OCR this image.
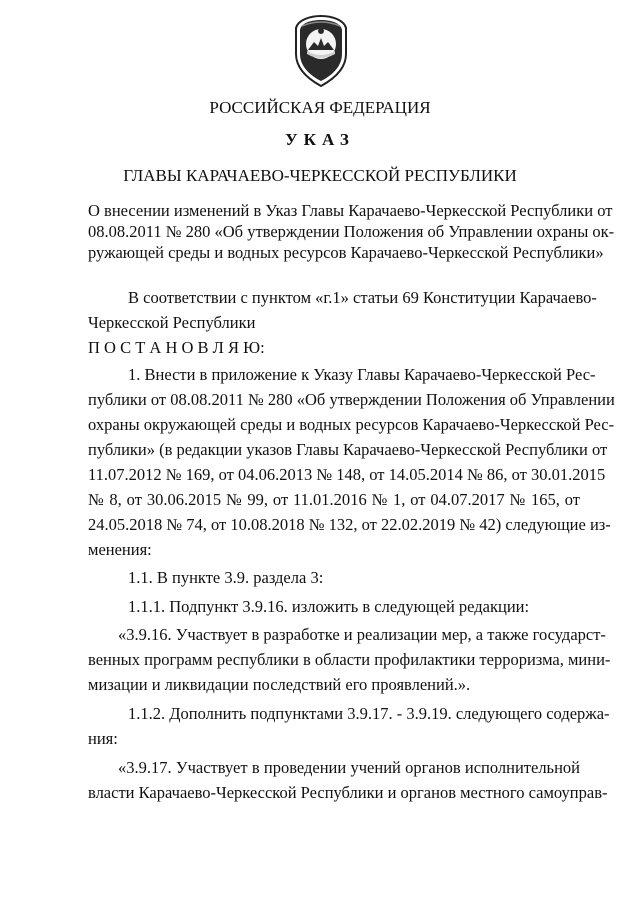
РОССИЙСКАЯ ФЕДЕРАЦИЯ
УКАЗ
ГЛАВЫ КАРАЧАЕВО-ЧЕРКЕССКОЙ РЕСПУБЛИКИ
О внесении изменений в Указ Главы Карачаево-Черкесской Республики от
08.08.2011 № 280 «Об утверждении Положения об Управлении охраны ок-
ружающей среды и водных ресурсов Карачаево-Черкесской Республики»
В соответствии с пунктом «г.1» статьи 69 Конституции Карачаево-
Черкесской Республики
П О С Т А Н О В Л Я Ю:
1. Внести в приложение к Указу Главы Карачаево-Черкесской Рес-
публики от 08.08.2011 № 280 «Об утверждении Положения об Управлении
охраны окружающей среды и водных ресурсов Карачаево-Черкесской Рес-
публики» (в редакции указов Главы Карачаево-Черкесской Республики от
11.07.2012 № 169, от 04.06.2013 № 148, от 14.05.2014 № 86, от 30.01.2015
№ 8, от 30.06.2015 № 99, от 11.01.2016 № 1, от 04.07.2017 № 165, от
24.05.2018 № 74, от 10.08.2018 № 132, от 22.02.2019 № 42) следующие из-
менения:
1.1. В пункте 3.9. раздела 3:
1.1.1. Подпункт 3.9.16. изложить в следующей редакции:
«3.9.16. Участвует в разработке и реализации мер, а также государст-
венных программ республики в области профилактики терроризма, мини-
мизации и ликвидации последствий его проявлений.».
1.1.2. Дополнить подпунктами 3.9.17. - 3.9.19. следующего содержа-
ния:
«3.9.17. Участвует в проведении учений органов исполнительной
власти Карачаево-Черкесской Республики и органов местного самоуправ-
